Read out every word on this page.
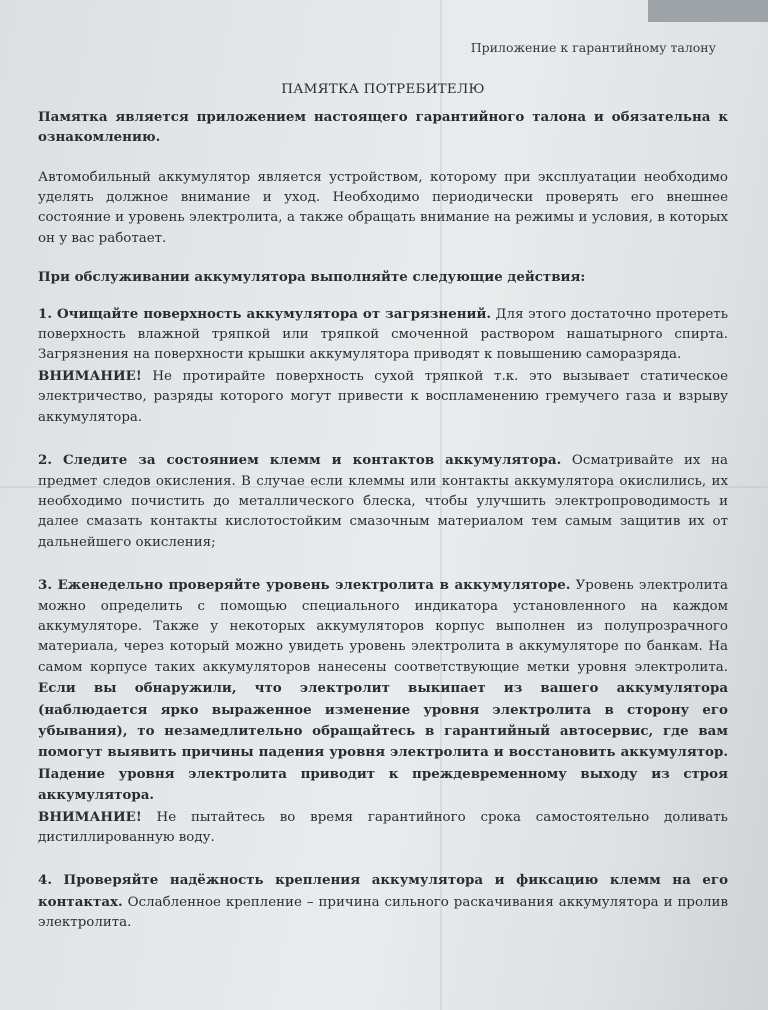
Приложение к гарантийному талону
ПАМЯТКА ПОТРЕБИТЕЛЮ

Памятка является приложением настоящего гарантийного талона и обязательна к ознакомлению.

Автомобильный аккумулятор является устройством, которому при эксплуатации необходимо уделять должное внимание и уход. Необходимо периодически проверять его внешнее состояние и уровень электролита, а также обращать внимание на режимы и условия, в которых он у вас работает.

При обслуживании аккумулятора выполняйте следующие действия:

1. Очищайте поверхность аккумулятора от загрязнений. Для этого достаточно протереть поверхность влажной тряпкой или тряпкой смоченной раствором нашатырного спирта. Загрязнения на поверхности крышки аккумулятора приводят к повышению саморазряда.

ВНИМАНИЕ! Не протирайте поверхность сухой тряпкой т.к. это вызывает статическое электричество, разряды которого могут привести к воспламенению гремучего газа и взрыву аккумулятора.

2. Следите за состоянием клемм и контактов аккумулятора. Осматривайте их на предмет следов окисления. В случае если клеммы или контакты аккумулятора окислились, их необходимо почистить до металлического блеска, чтобы улучшить электропроводимость и далее смазать контакты кислотостойким смазочным материалом тем самым защитив их от дальнейшего окисления;

3. Еженедельно проверяйте уровень электролита в аккумуляторе. Уровень электролита можно определить с помощью специального индикатора установленного на каждом аккумуляторе. Также у некоторых аккумуляторов корпус выполнен из полупрозрачного материала, через который можно увидеть уровень электролита в аккумуляторе по банкам. На самом корпусе таких аккумуляторов нанесены соответствующие метки уровня электролита. Если вы обнаружили, что электролит выкипает из вашего аккумулятора (наблюдается ярко выраженное изменение уровня электролита в сторону его убывания), то незамедлительно обращайтесь в гарантийный автосервис, где вам помогут выявить причины падения уровня электролита и восстановить аккумулятор. Падение уровня электролита приводит к преждевременному выходу из строя аккумулятора.

ВНИМАНИЕ! Не пытайтесь во время гарантийного срока самостоятельно доливать дистиллированную воду.

4. Проверяйте надёжность крепления аккумулятора и фиксацию клемм на его контактах. Ослабленное крепление – причина сильного раскачивания аккумулятора и пролив электролита.
